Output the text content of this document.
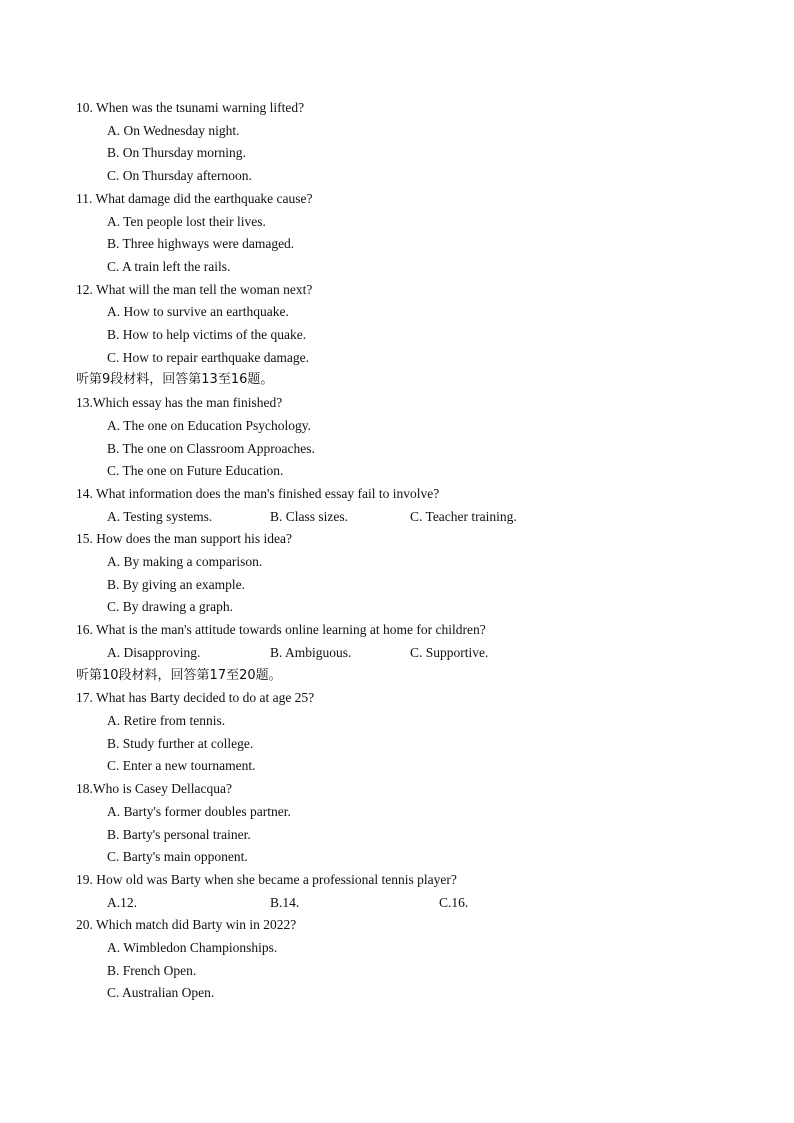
10. When was the tsunami warning lifted?
A. On Wednesday night.
B. On Thursday morning.
C. On Thursday afternoon.
11. What damage did the earthquake cause?
A. Ten people lost their lives.
B. Three highways were damaged.
C. A train left the rails.
12. What will the man tell the woman next?
A. How to survive an earthquake.
B. How to help victims of the quake.
C. How to repair earthquake damage.
听第9段材料，回答第13至16题。
13.Which essay has the man finished?
A. The one on Education Psychology.
B. The one on Classroom Approaches.
C. The one on Future Education.
14. What information does the man's finished essay fail to involve?
A. Testing systems.	B. Class sizes.	C. Teacher training.
15. How does the man support his idea?
A. By making a comparison.
B. By giving an example.
C. By drawing a graph.
16. What is the man's attitude towards online learning at home for children?
A. Disapproving.	B. Ambiguous.	C. Supportive.
听第10段材料，回答第17至20题。
17. What has Barty decided to do at age 25?
A. Retire from tennis.
B. Study further at college.
C. Enter a new tournament.
18.Who is Casey Dellacqua?
A. Barty's former doubles partner.
B. Barty's personal trainer.
C. Barty's main opponent.
19. How old was Barty when she became a professional tennis player?
A.12.	B.14.	C.16.
20. Which match did Barty win in 2022?
A. Wimbledon Championships.
B. French Open.
C. Australian Open.
